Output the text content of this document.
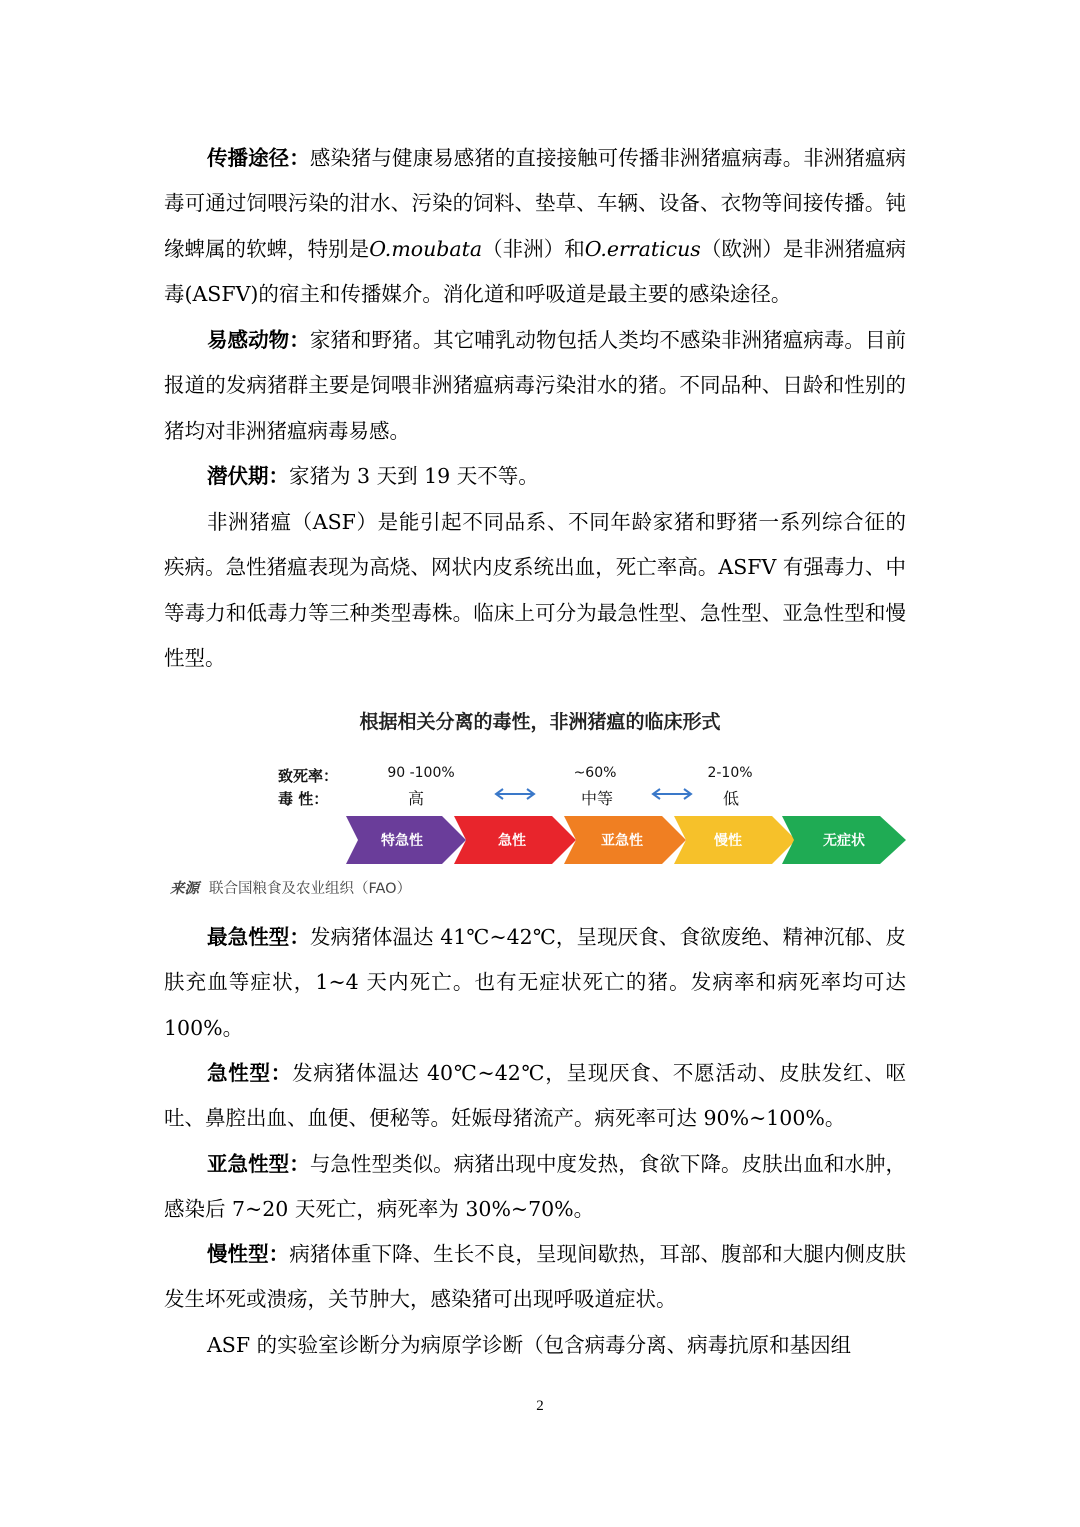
传播途径：感染猪与健康易感猪的直接接触可传播非洲猪瘟病毒。非洲猪瘟病毒可通过饲喂污染的泔水、污染的饲料、垫草、车辆、设备、衣物等间接传播。钝缘蜱属的软蜱，特别是O.moubata（非洲）和O.erraticus（欧洲）是非洲猪瘟病毒(ASFV)的宿主和传播媒介。消化道和呼吸道是最主要的感染途径。

易感动物：家猪和野猪。其它哺乳动物包括人类均不感染非洲猪瘟病毒。目前报道的发病猪群主要是饲喂非洲猪瘟病毒污染泔水的猪。不同品种、日龄和性别的猪均对非洲猪瘟病毒易感。

潜伏期：家猪为 3 天到 19 天不等。

非洲猪瘟（ASF）是能引起不同品系、不同年龄家猪和野猪一系列综合征的疾病。急性猪瘟表现为高烧、网状内皮系统出血，死亡率高。ASFV 有强毒力、中等毒力和低毒力等三种类型毒株。临床上可分为最急性型、急性型、亚急性型和慢性型。

根据相关分离的毒性，非洲猪瘟的临床形式
致死率：
毒 性：
90 -100%
高
~60%
中等
2-10%
低
特急性	急性	亚急性	慢性	无症状
来源 联合国粮食及农业组织（FAO）

最急性型：发病猪体温达 41℃~42℃，呈现厌食、食欲废绝、精神沉郁、皮肤充血等症状，1~4 天内死亡。也有无症状死亡的猪。发病率和病死率均可达 100%。

急性型：发病猪体温达 40℃~42℃，呈现厌食、不愿活动、皮肤发红、呕吐、鼻腔出血、血便、便秘等。妊娠母猪流产。病死率可达 90%~100%。

亚急性型：与急性型类似。病猪出现中度发热，食欲下降。皮肤出血和水肿，感染后 7~20 天死亡，病死率为 30%~70%。

慢性型：病猪体重下降、生长不良，呈现间歇热，耳部、腹部和大腿内侧皮肤发生坏死或溃疡，关节肿大，感染猪可出现呼吸道症状。

ASF 的实验室诊断分为病原学诊断（包含病毒分离、病毒抗原和基因组

2
